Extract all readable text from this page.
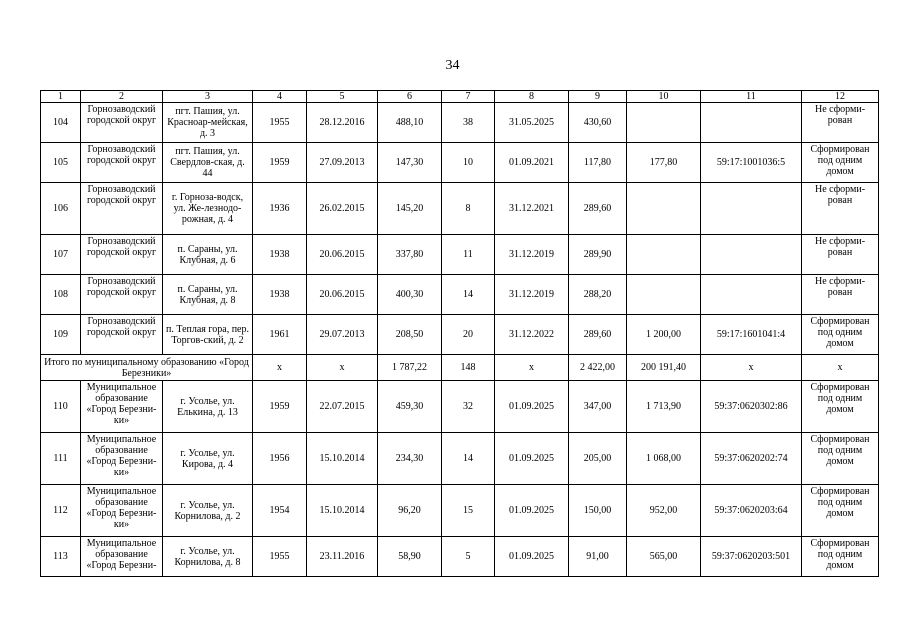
34
1	2	3	4	5	6	7	8	9	10	11	12
104	Горнозаводский городской округ	пгт. Пашия, ул. Красноар-мейская, д. 3	1955	28.12.2016	488,10	38	31.05.2025	430,60			Не сформи-рован
105	Горнозаводский городской округ	пгт. Пашия, ул. Свердлов-ская, д. 44	1959	27.09.2013	147,30	10	01.09.2021	117,80	177,80	59:17:1001036:5	Сформирован под одним домом
106	Горнозаводский городской округ	г. Горноза-водск, ул. Же-лезнодо-рожная, д. 4	1936	26.02.2015	145,20	8	31.12.2021	289,60			Не сформи-рован
107	Горнозаводский городской округ	п. Сараны, ул. Клубная, д. 6	1938	20.06.2015	337,80	11	31.12.2019	289,90			Не сформи-рован
108	Горнозаводский городской округ	п. Сараны, ул. Клубная, д. 8	1938	20.06.2015	400,30	14	31.12.2019	288,20			Не сформи-рован
109	Горнозаводский городской округ	п. Теплая гора, пер. Торгов-ский, д. 2	1961	29.07.2013	208,50	20	31.12.2022	289,60	1 200,00	59:17:1601041:4	Сформирован под одним домом
Итого по муниципальному образованию «Город Березники»			x	x	1 787,22	148	x	2 422,00	200 191,40	x	x
110	Муниципальное образование «Город Березни-ки»	г. Усолье, ул. Елькина, д. 13	1959	22.07.2015	459,30	32	01.09.2025	347,00	1 713,90	59:37:0620302:86	Сформирован под одним домом
111	Муниципальное образование «Город Березни-ки»	г. Усолье, ул. Кирова, д. 4	1956	15.10.2014	234,30	14	01.09.2025	205,00	1 068,00	59:37:0620202:74	Сформирован под одним домом
112	Муниципальное образование «Город Березни-ки»	г. Усолье, ул. Корнилова, д. 2	1954	15.10.2014	96,20	15	01.09.2025	150,00	952,00	59:37:0620203:64	Сформирован под одним домом
113	Муниципальное образование «Город Березни-	г. Усолье, ул. Корнилова, д. 8	1955	23.11.2016	58,90	5	01.09.2025	91,00	565,00	59:37:0620203:501	Сформирован под одним домом
